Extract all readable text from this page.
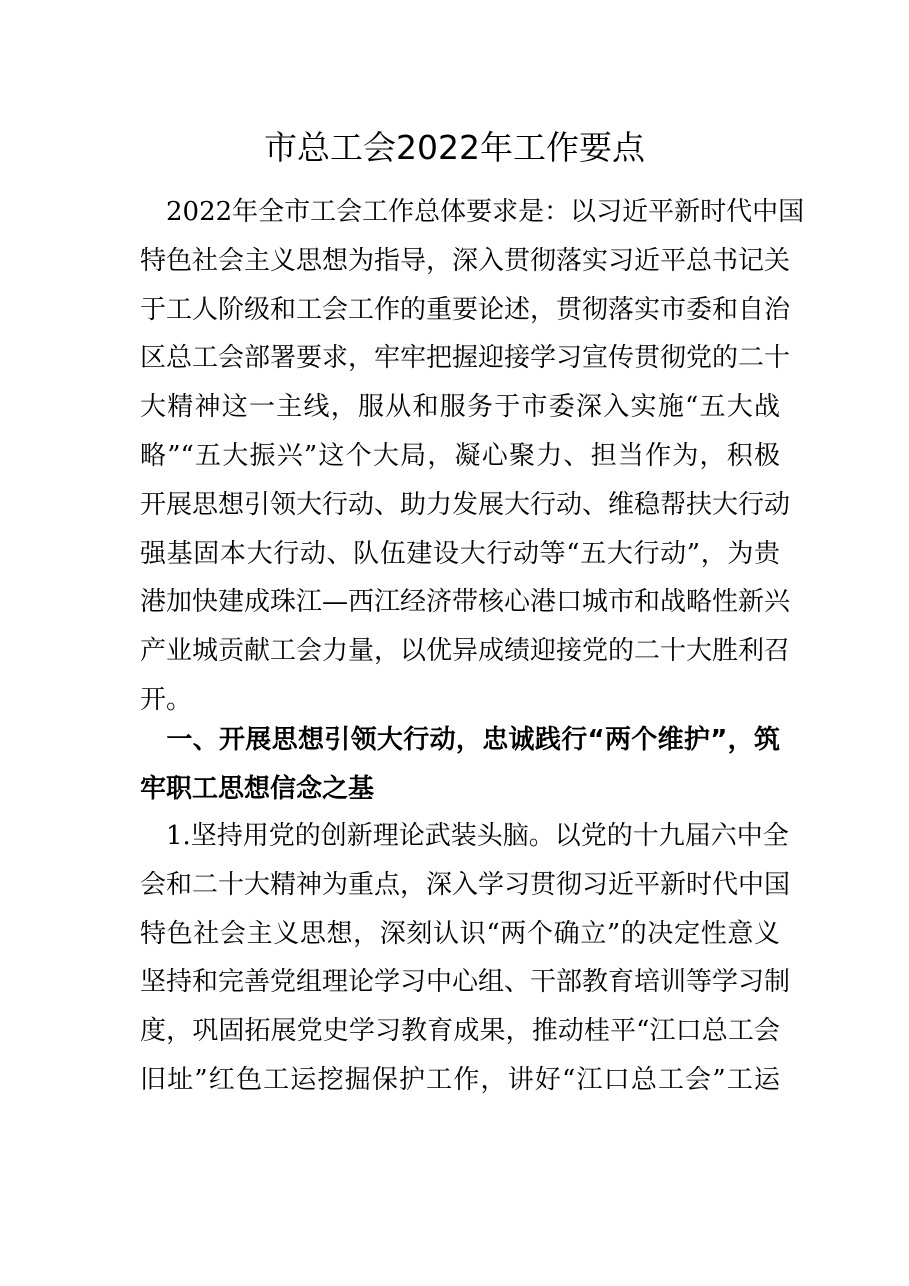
市总工会2022年工作要点
　2022年全市工会工作总体要求是：以习近平新时代中国
特色社会主义思想为指导，深入贯彻落实习近平总书记关
于工人阶级和工会工作的重要论述，贯彻落实市委和自治
区总工会部署要求，牢牢把握迎接学习宣传贯彻党的二十
大精神这一主线，服从和服务于市委深入实施“五大战
略”“五大振兴”这个大局，凝心聚力、担当作为，积极
开展思想引领大行动、助力发展大行动、维稳帮扶大行动
强基固本大行动、队伍建设大行动等“五大行动”，为贵
港加快建成珠江—西江经济带核心港口城市和战略性新兴
产业城贡献工会力量，以优异成绩迎接党的二十大胜利召
开。
　一、开展思想引领大行动，忠诚践行“两个维护”，筑
牢职工思想信念之基
　1.坚持用党的创新理论武装头脑。以党的十九届六中全
会和二十大精神为重点，深入学习贯彻习近平新时代中国
特色社会主义思想，深刻认识“两个确立”的决定性意义
坚持和完善党组理论学习中心组、干部教育培训等学习制
度，巩固拓展党史学习教育成果，推动桂平“江口总工会
旧址”红色工运挖掘保护工作，讲好“江口总工会”工运
